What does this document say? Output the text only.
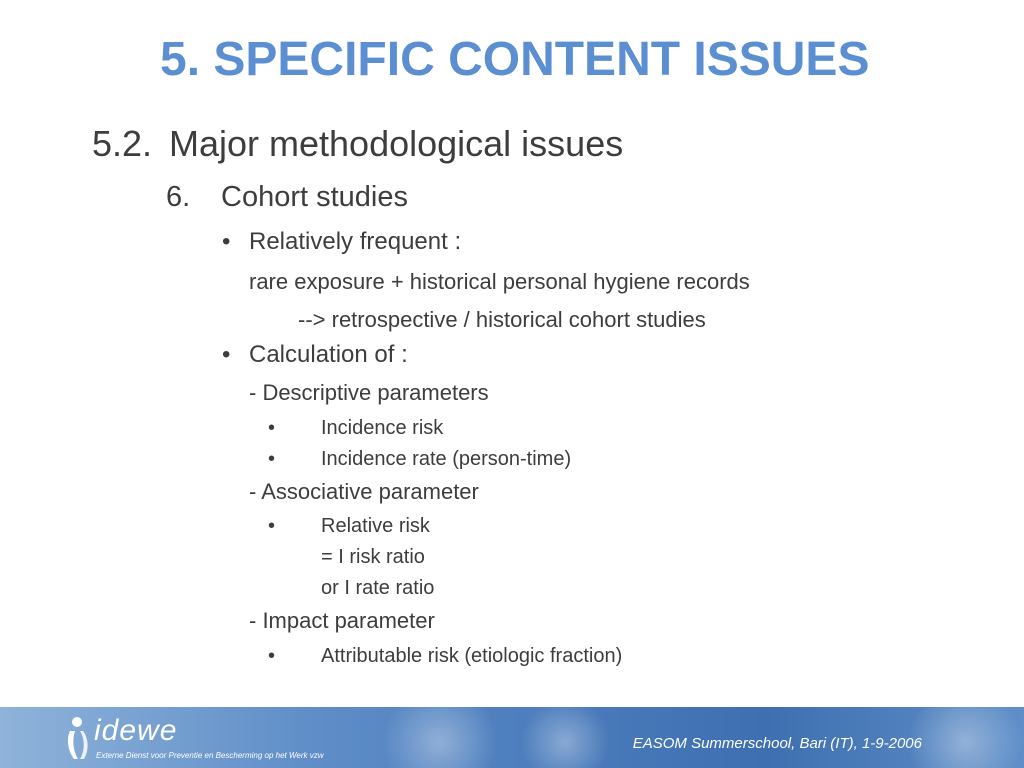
5. SPECIFIC CONTENT ISSUES
5.2. Major methodological issues
6. Cohort studies
• Relatively frequent :
rare exposure + historical personal hygiene records
--> retrospective / historical cohort studies
• Calculation of :
- Descriptive parameters
• Incidence risk
• Incidence rate (person-time)
- Associative parameter
• Relative risk
= I risk ratio
or I rate ratio
- Impact parameter
• Attributable risk (etiologic fraction)
idewe
Externe Dienst voor Preventie en Bescherming op het Werk vzw
EASOM Summerschool, Bari (IT), 1-9-2006
